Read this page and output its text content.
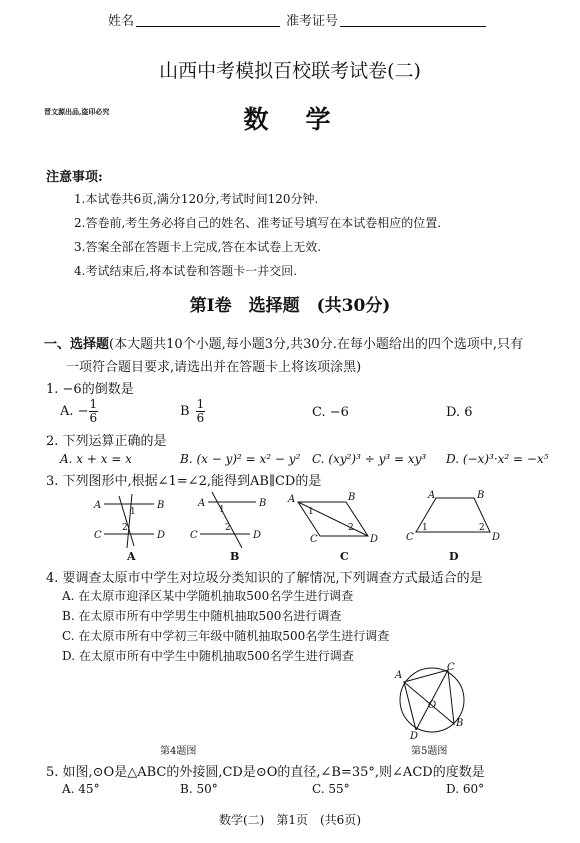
姓名	准考证号
山西中考模拟百校联考试卷(二)
晋文源出品,盗印必究	数　学
注意事项:
1.本试卷共6页,满分120分,考试时间120分钟.
2.答卷前,考生务必将自己的姓名、准考证号填写在本试卷相应的位置.
3.答案全部在答题卡上完成,答在本试卷上无效.
4.考试结束后,将本试卷和答题卡一并交回.
第Ⅰ卷　选择题　(共30分)
一、选择题(本大题共10个小题,每小题3分,共30分.在每小题给出的四个选项中,只有
一项符合题目要求,请选出并在答题卡上将该项涂黑)
1. −6的倒数是
A. − $\frac{1}{6}$	B $\frac{1}{6}$	C. −6	D. 6
2. 下列运算正确的是
A. x + x = x	B. (x − y)² = x² − y² C. (xy²)³ ÷ y³ = xy³ D. (−x)³·x² = −x⁵
3. 下列图形中,根据∠1=∠2,能得到AB∥CD的是
A	B
C	D
1
2
A	B
C	D
1
2
A	B
C	D
1
2
A	B
C	D
1	2
A	B	C	D
4. 要调查太原市中学生对垃圾分类知识的了解情况,下列调查方式最适合的是
A. 在太原市迎泽区某中学随机抽取500名学生进行调查
B. 在太原市所有中学男生中随机抽取500名进行调查
C. 在太原市所有中学初三年级中随机抽取500名学生进行调查
D. 在太原市所有中学生中随机抽取500名学生进行调查
A
C
O
B
D
第4题图	第5题图
5. 如图,⊙O是△ABC的外接圆,CD是⊙O的直径,∠B=35°,则∠ACD的度数是
A. 45°	B. 50°	C. 55°	D. 60°
数学(二)　第1页　(共6页)
